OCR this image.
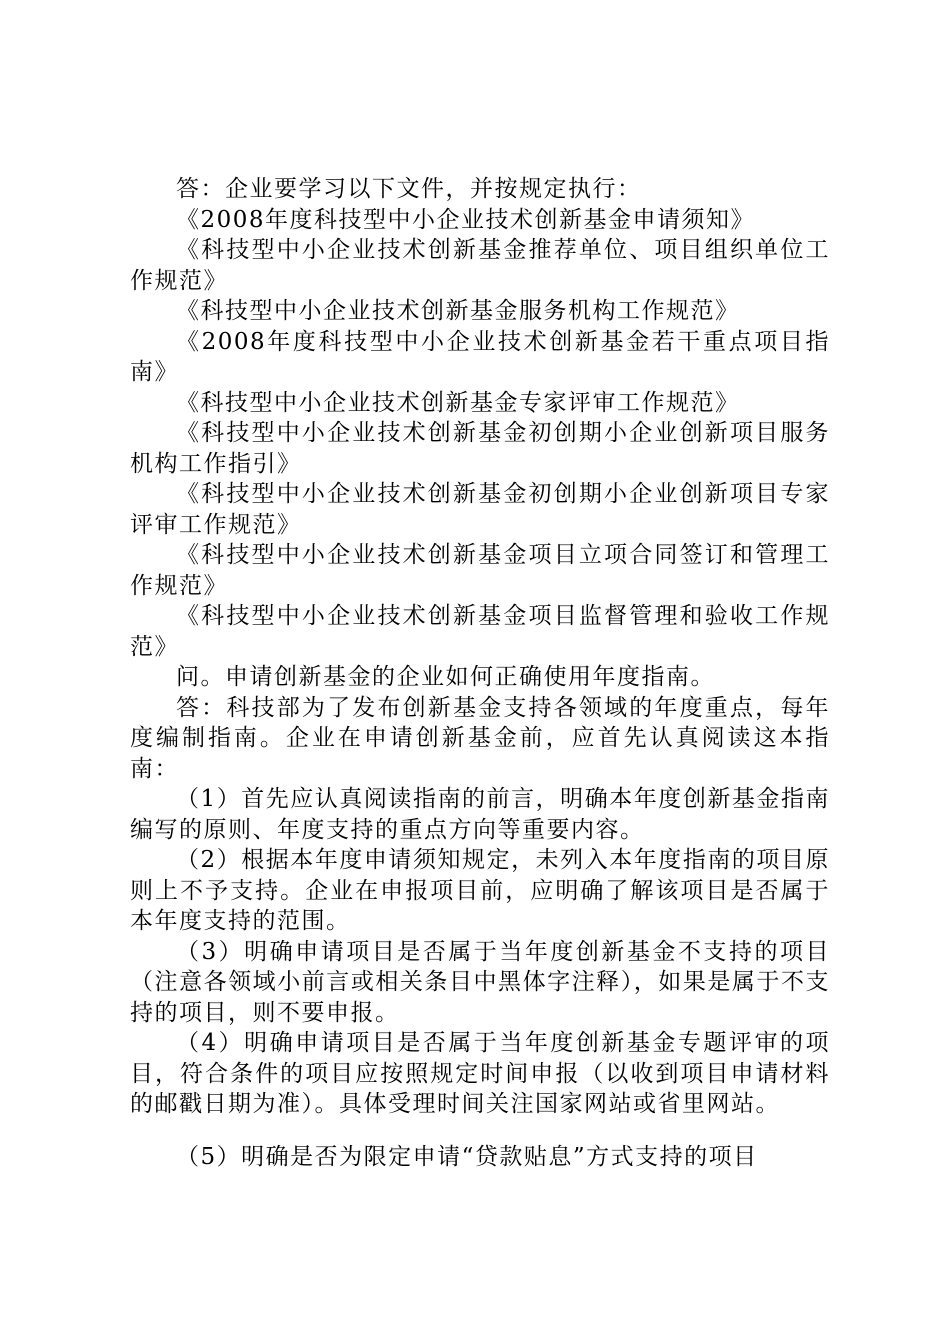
答：企业要学习以下文件，并按规定执行：

《2008年度科技型中小企业技术创新基金申请须知》

《科技型中小企业技术创新基金推荐单位、项目组织单位工作规范》

《科技型中小企业技术创新基金服务机构工作规范》

《2008年度科技型中小企业技术创新基金若干重点项目指南》

《科技型中小企业技术创新基金专家评审工作规范》

《科技型中小企业技术创新基金初创期小企业创新项目服务机构工作指引》

《科技型中小企业技术创新基金初创期小企业创新项目专家评审工作规范》

《科技型中小企业技术创新基金项目立项合同签订和管理工作规范》

《科技型中小企业技术创新基金项目监督管理和验收工作规范》

问。申请创新基金的企业如何正确使用年度指南。

答：科技部为了发布创新基金支持各领域的年度重点，每年度编制指南。企业在申请创新基金前，应首先认真阅读这本指南：

（1）首先应认真阅读指南的前言，明确本年度创新基金指南编写的原则、年度支持的重点方向等重要内容。

（2）根据本年度申请须知规定，未列入本年度指南的项目原则上不予支持。企业在申报项目前，应明确了解该项目是否属于本年度支持的范围。

（3）明确申请项目是否属于当年度创新基金不支持的项目（注意各领域小前言或相关条目中黑体字注释），如果是属于不支持的项目，则不要申报。

（4）明确申请项目是否属于当年度创新基金专题评审的项目，符合条件的项目应按照规定时间申报（以收到项目申请材料的邮戳日期为准）。具体受理时间关注国家网站或省里网站。

（5）明确是否为限定申请“贷款贴息”方式支持的项目
